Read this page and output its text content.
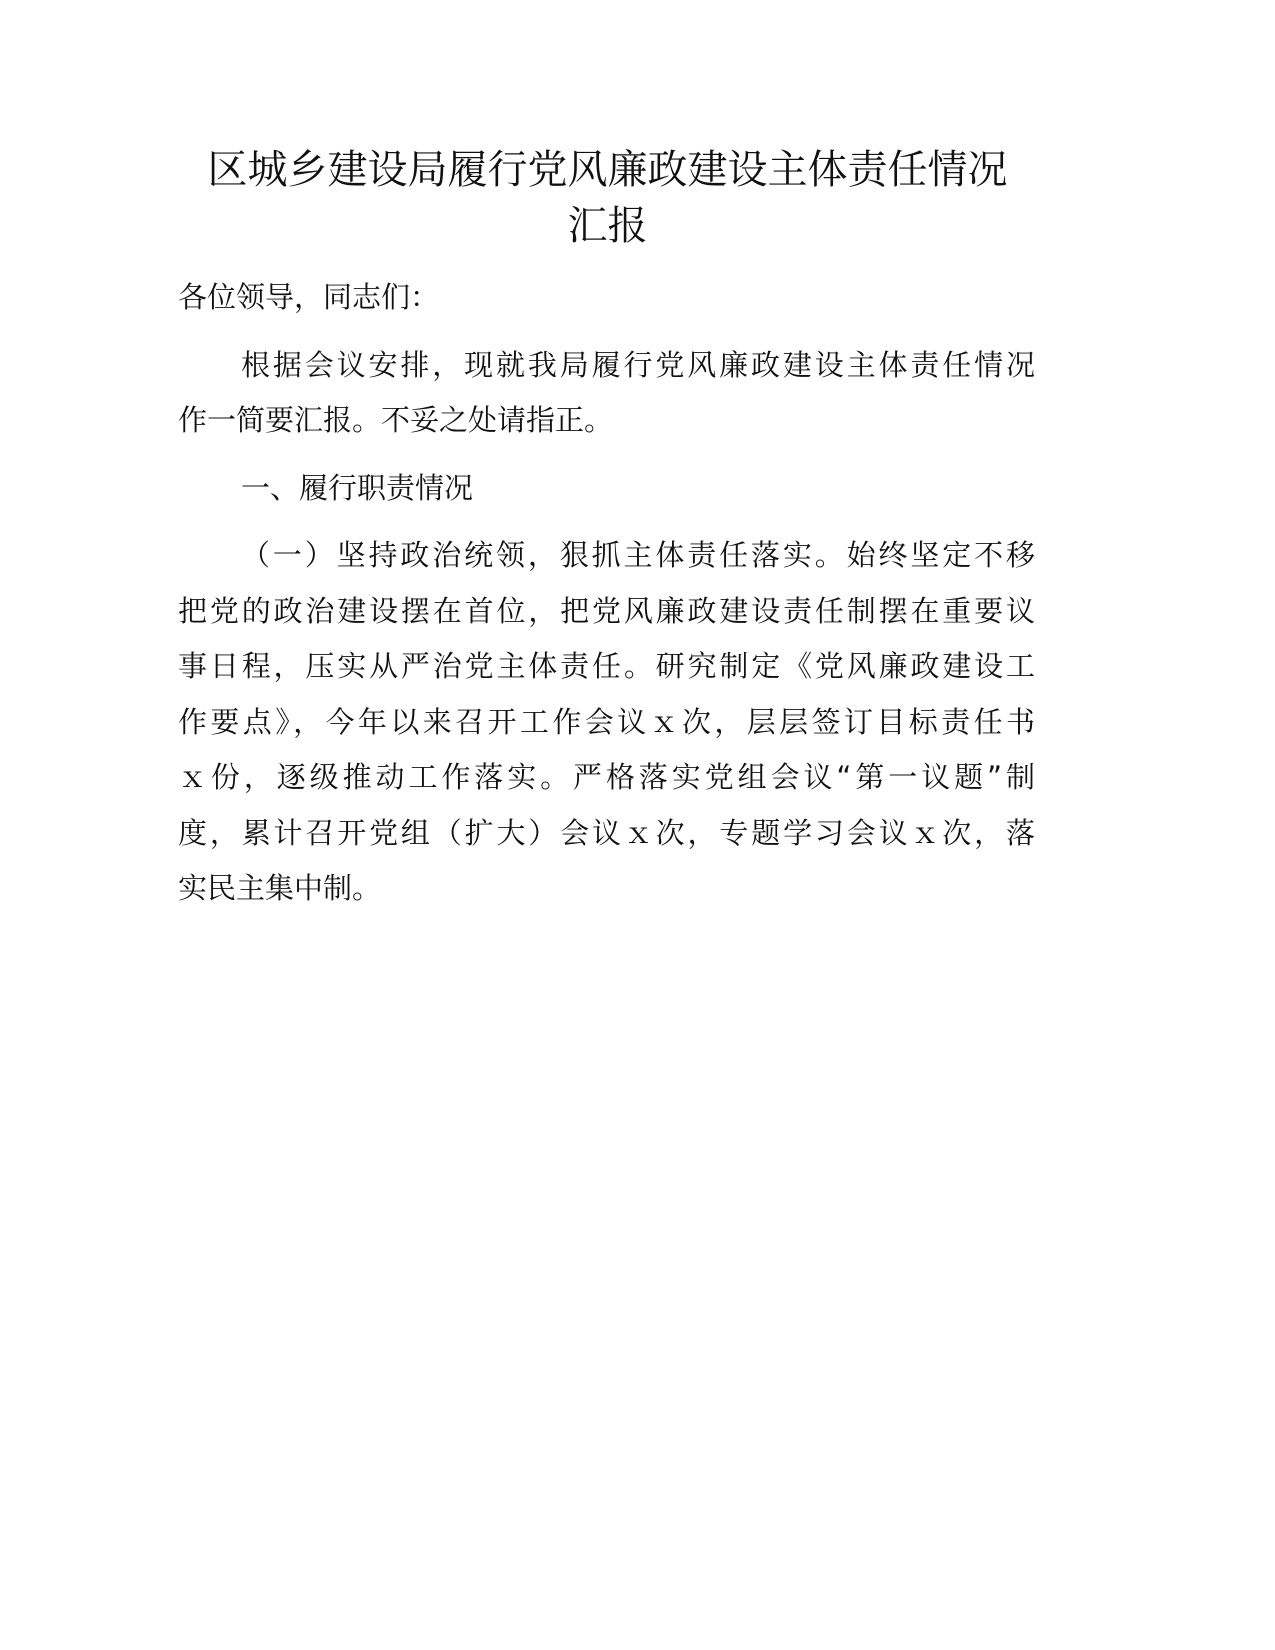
区城乡建设局履行党风廉政建设主体责任情况
汇报
各位领导，同志们：
根据会议安排，现就我局履行党风廉政建设主体责任情况
作一简要汇报。不妥之处请指正。
一、履行职责情况
（一）坚持政治统领，狠抓主体责任落实。始终坚定不移
把党的政治建设摆在首位，把党风廉政建设责任制摆在重要议
事日程，压实从严治党主体责任。研究制定《党风廉政建设工
作要点》，今年以来召开工作会议ｘ次，层层签订目标责任书
ｘ份，逐级推动工作落实。严格落实党组会议“第一议题”制
度，累计召开党组（扩大）会议ｘ次，专题学习会议ｘ次，落
实民主集中制。
